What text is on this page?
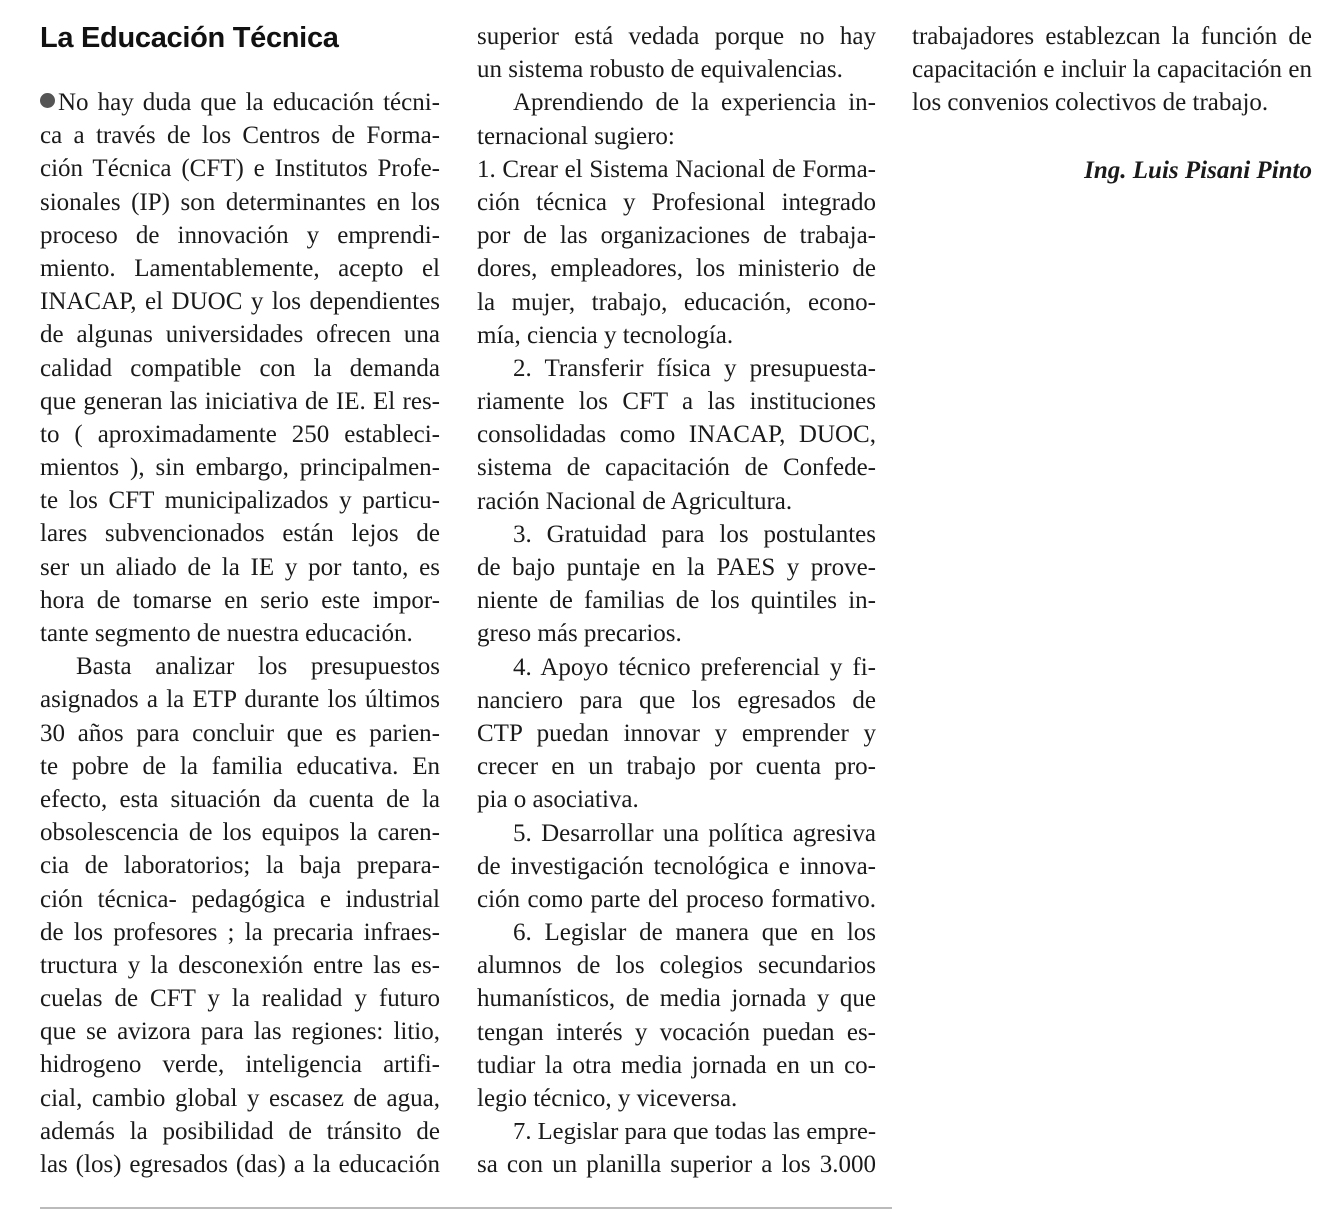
La Educación Técnica
No hay duda que la educación técni-
ca a través de los Centros de Forma-
ción Técnica (CFT) e Institutos Profe-
sionales (IP) son determinantes en los
proceso de innovación y emprendi-
miento. Lamentablemente, acepto el
INACAP, el DUOC y los dependientes
de algunas universidades ofrecen una
calidad compatible con la demanda
que generan las iniciativa de IE. El res-
to ( aproximadamente 250 estableci-
mientos ), sin embargo, principalmen-
te los CFT municipalizados y particu-
lares subvencionados están lejos de
ser un aliado de la IE y por tanto, es
hora de tomarse en serio este impor-
tante segmento de nuestra educación.
Basta analizar los presupuestos
asignados a la ETP durante los últimos
30 años para concluir que es parien-
te pobre de la familia educativa. En
efecto, esta situación da cuenta de la
obsolescencia de los equipos la caren-
cia de laboratorios; la baja prepara-
ción técnica- pedagógica e industrial
de los profesores ; la precaria infraes-
tructura y la desconexión entre las es-
cuelas de CFT y la realidad y futuro
que se avizora para las regiones: litio,
hidrogeno verde, inteligencia artifi-
cial, cambio global y escasez de agua,
además la posibilidad de tránsito de
las (los) egresados (das) a la educación
superior está vedada porque no hay
un sistema robusto de equivalencias.
Aprendiendo de la experiencia in-
ternacional sugiero:
1. Crear el Sistema Nacional de Forma-
ción técnica y Profesional integrado
por de las organizaciones de trabaja-
dores, empleadores, los ministerio de
la mujer, trabajo, educación, econo-
mía, ciencia y tecnología.
2. Transferir física y presupuesta-
riamente los CFT a las instituciones
consolidadas como INACAP, DUOC,
sistema de capacitación de Confede-
ración Nacional de Agricultura.
3. Gratuidad para los postulantes
de bajo puntaje en la PAES y prove-
niente de familias de los quintiles in-
greso más precarios.
4. Apoyo técnico preferencial y fi-
nanciero para que los egresados de
CTP puedan innovar y emprender y
crecer en un trabajo por cuenta pro-
pia o asociativa.
5. Desarrollar una política agresiva
de investigación tecnológica e innova-
ción como parte del proceso formativo.
6. Legislar de manera que en los
alumnos de los colegios secundarios
humanísticos, de media jornada y que
tengan interés y vocación puedan es-
tudiar la otra media jornada en un co-
legio técnico, y viceversa.
7. Legislar para que todas las empre-
sa con un planilla superior a los 3.000
trabajadores establezcan la función de
capacitación e incluir la capacitación en
los convenios colectivos de trabajo.
Ing. Luis Pisani Pinto
